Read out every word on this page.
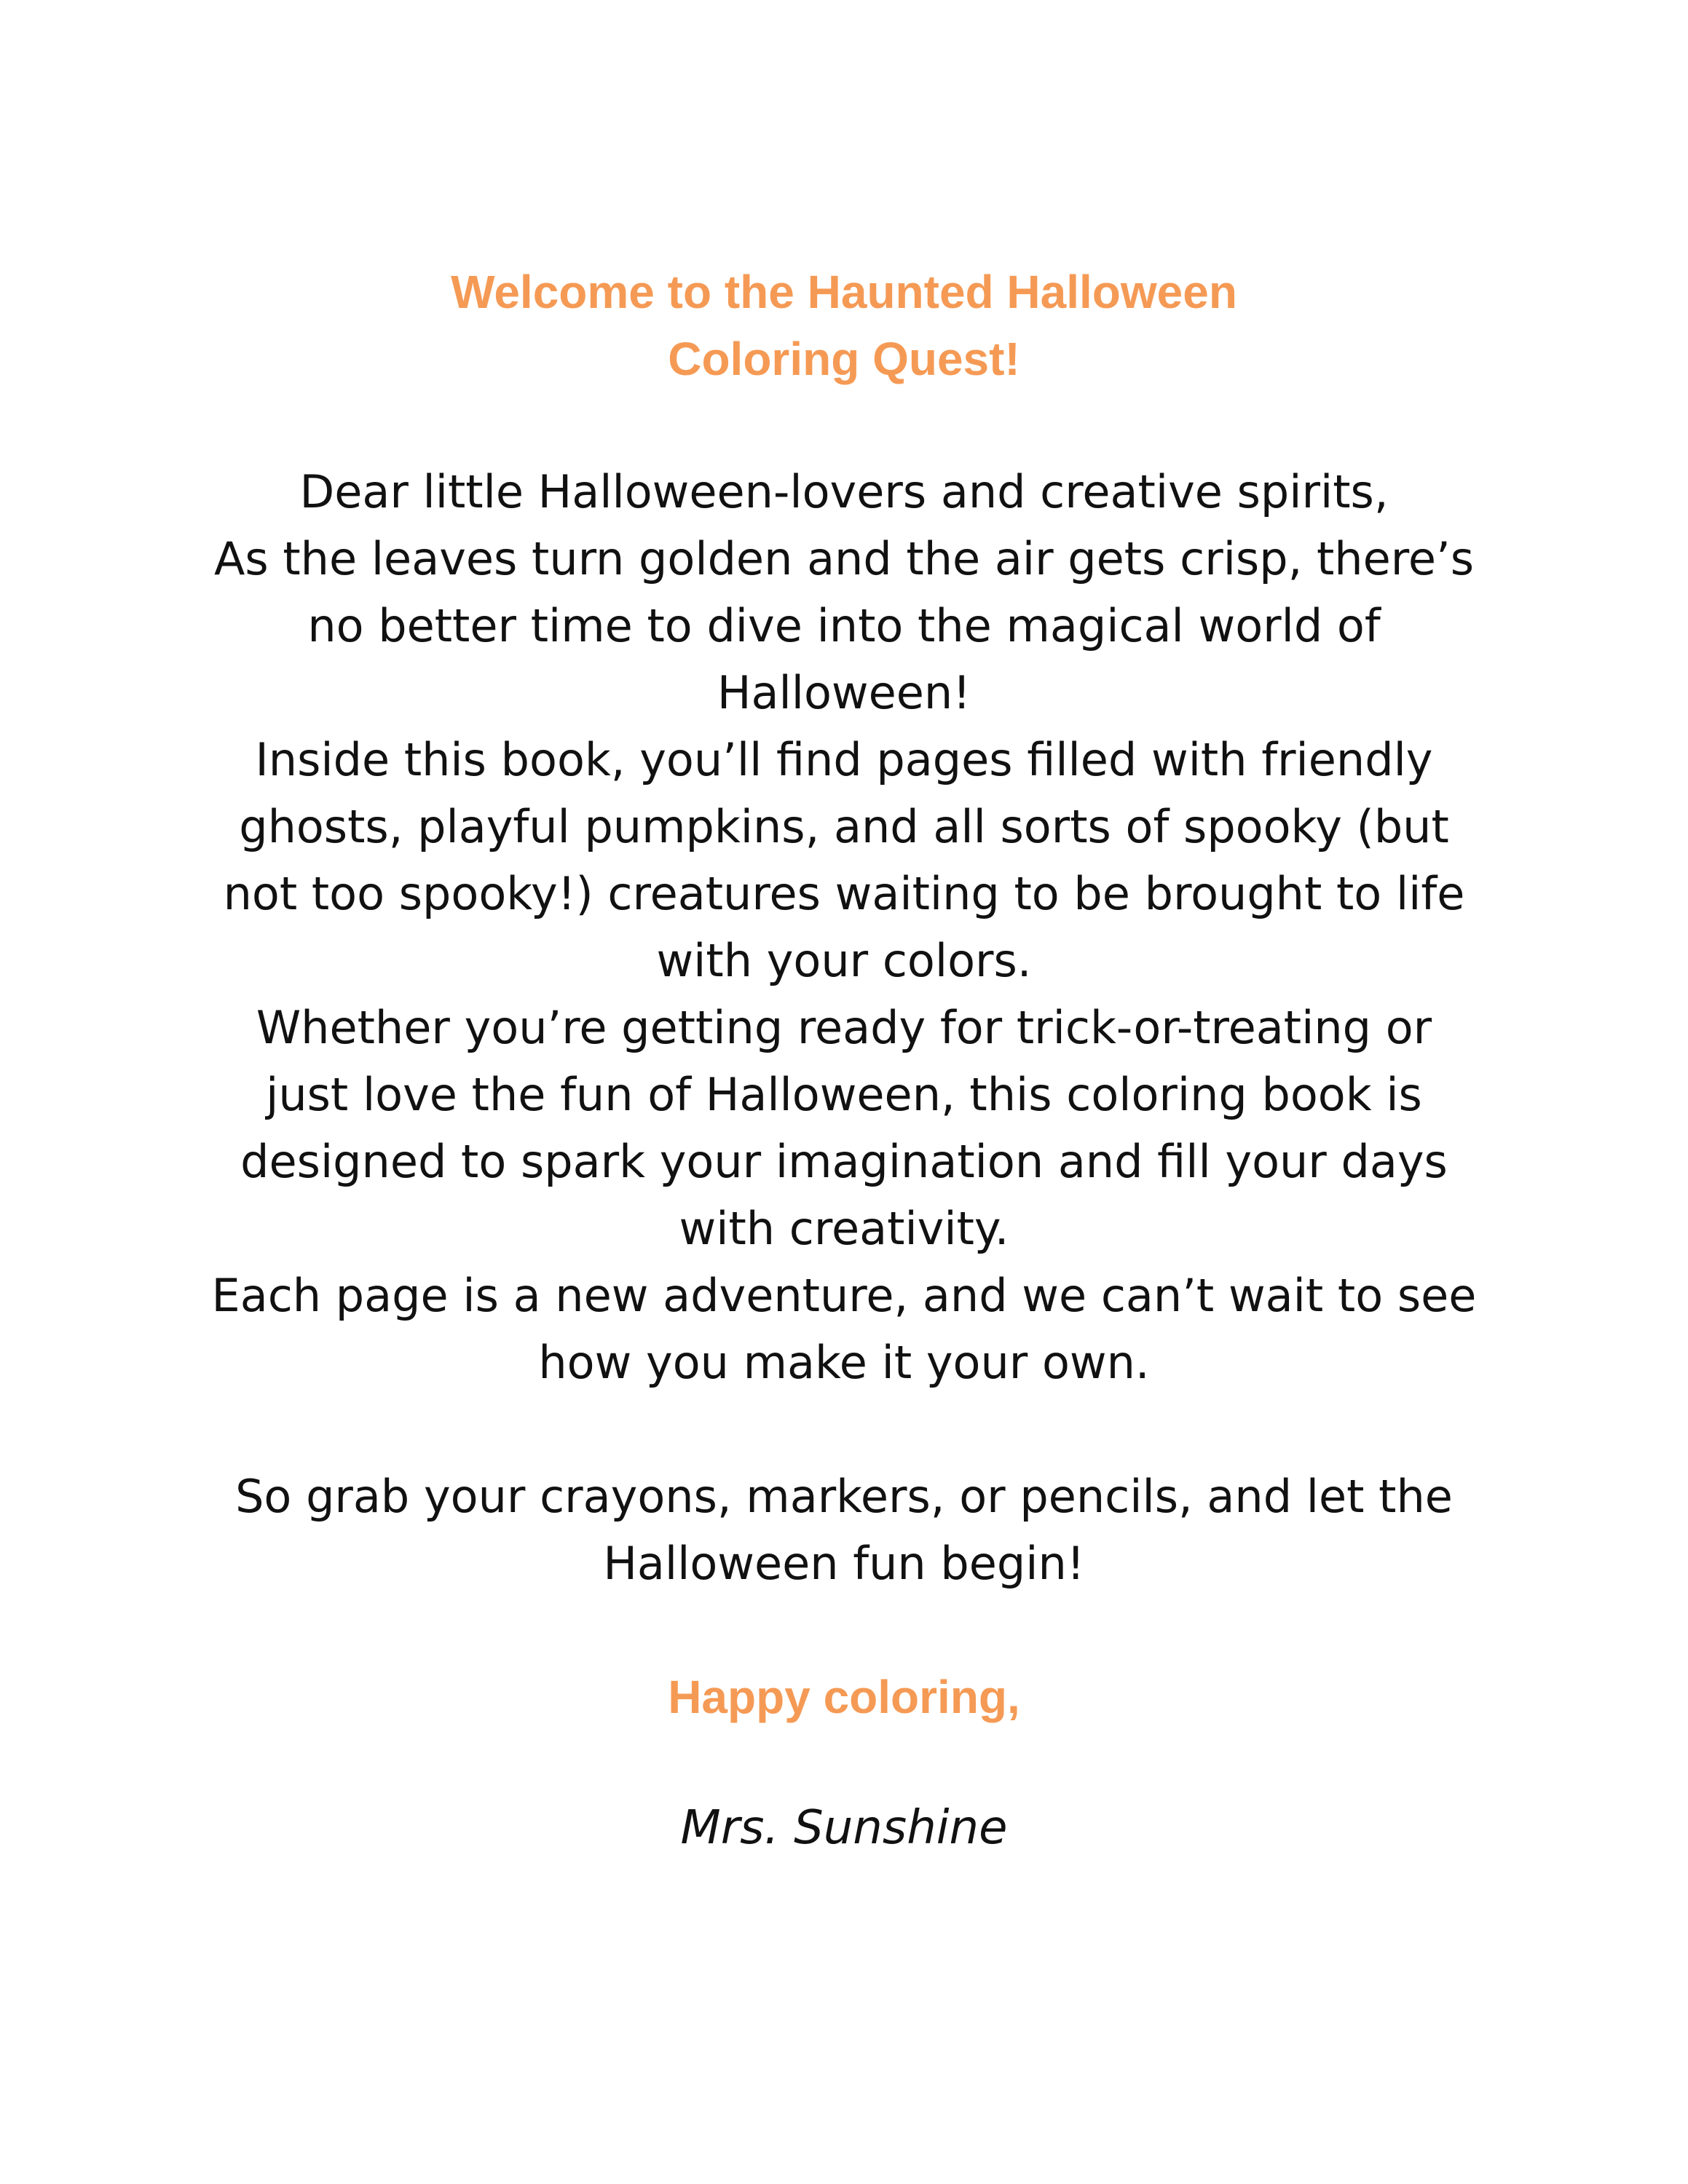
Welcome to the Haunted Halloween
Coloring Quest!
Dear little Halloween-lovers and creative spirits,
As the leaves turn golden and the air gets crisp, there’s
no better time to dive into the magical world of
Halloween!
Inside this book, you’ll find pages filled with friendly
ghosts, playful pumpkins, and all sorts of spooky (but
not too spooky!) creatures waiting to be brought to life
with your colors.
Whether you’re getting ready for trick-or-treating or
just love the fun of Halloween, this coloring book is
designed to spark your imagination and fill your days
with creativity.
Each page is a new adventure, and we can’t wait to see
how you make it your own.
So grab your crayons, markers, or pencils, and let the
Halloween fun begin!
Happy coloring,
Mrs. Sunshine
